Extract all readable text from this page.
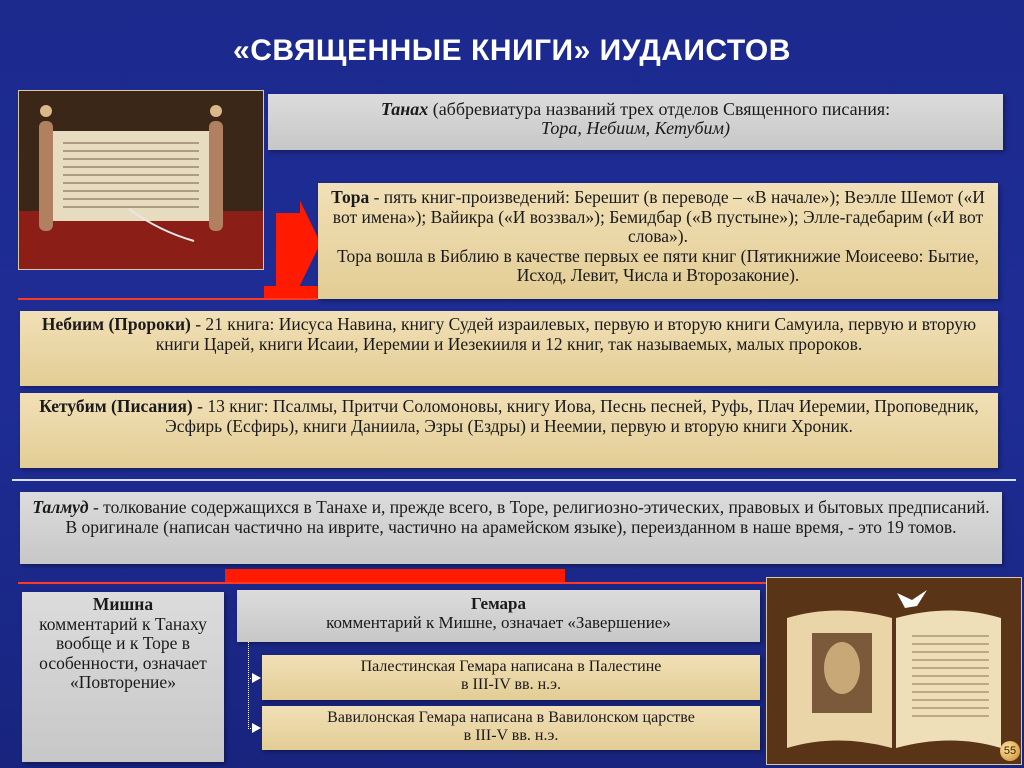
«СВЯЩЕННЫЕ КНИГИ» ИУДАИСТОВ
Танах (аббревиатура названий трех отделов Священного писания:
Тора, Небиим, Кетубим)
Тора - пять книг-произведений: Берешит (в переводе – «В начале»); Веэлле Шемот («И вот имена»); Вайикра («И воззвал»); Бемидбар («В пустыне»); Элле-гадебарим («И вот слова»).
Тора вошла в Библию в качестве первых ее пяти книг (Пятикнижие Моисеево: Бытие, Исход, Левит, Числа и Второзаконие).
Небиим (Пророки) - 21 книга: Иисуса Навина, книгу Судей израилевых, первую и вторую книги Самуила, первую и вторую книги Царей, книги Исаии, Иеремии и Иезекииля и 12 книг, так называемых, малых пророков.
Кетубим (Писания) - 13 книг: Псалмы, Притчи Соломоновы, книгу Иова, Песнь песней, Руфь, Плач Иеремии, Проповедник, Эсфирь (Есфирь), книги Даниила, Эзры (Ездры) и Неемии, первую и вторую книги Хроник.
Талмуд - толкование содержащихся в Танахе и, прежде всего, в Торе, религиозно-этических, правовых и бытовых предписаний. В оригинале (написан частично на иврите, частично на арамейском языке), переизданном в наше время, - это 19 томов.
Мишна
комментарий к Танаху вообще и к Торе в особенности, означает «Повторение»
Гемара
комментарий к Мишне, означает «Завершение»
Палестинская Гемара написана в Палестине
в III-IV вв. н.э.
Вавилонская Гемара написана в Вавилонском царстве
в III-V вв. н.э.
55
